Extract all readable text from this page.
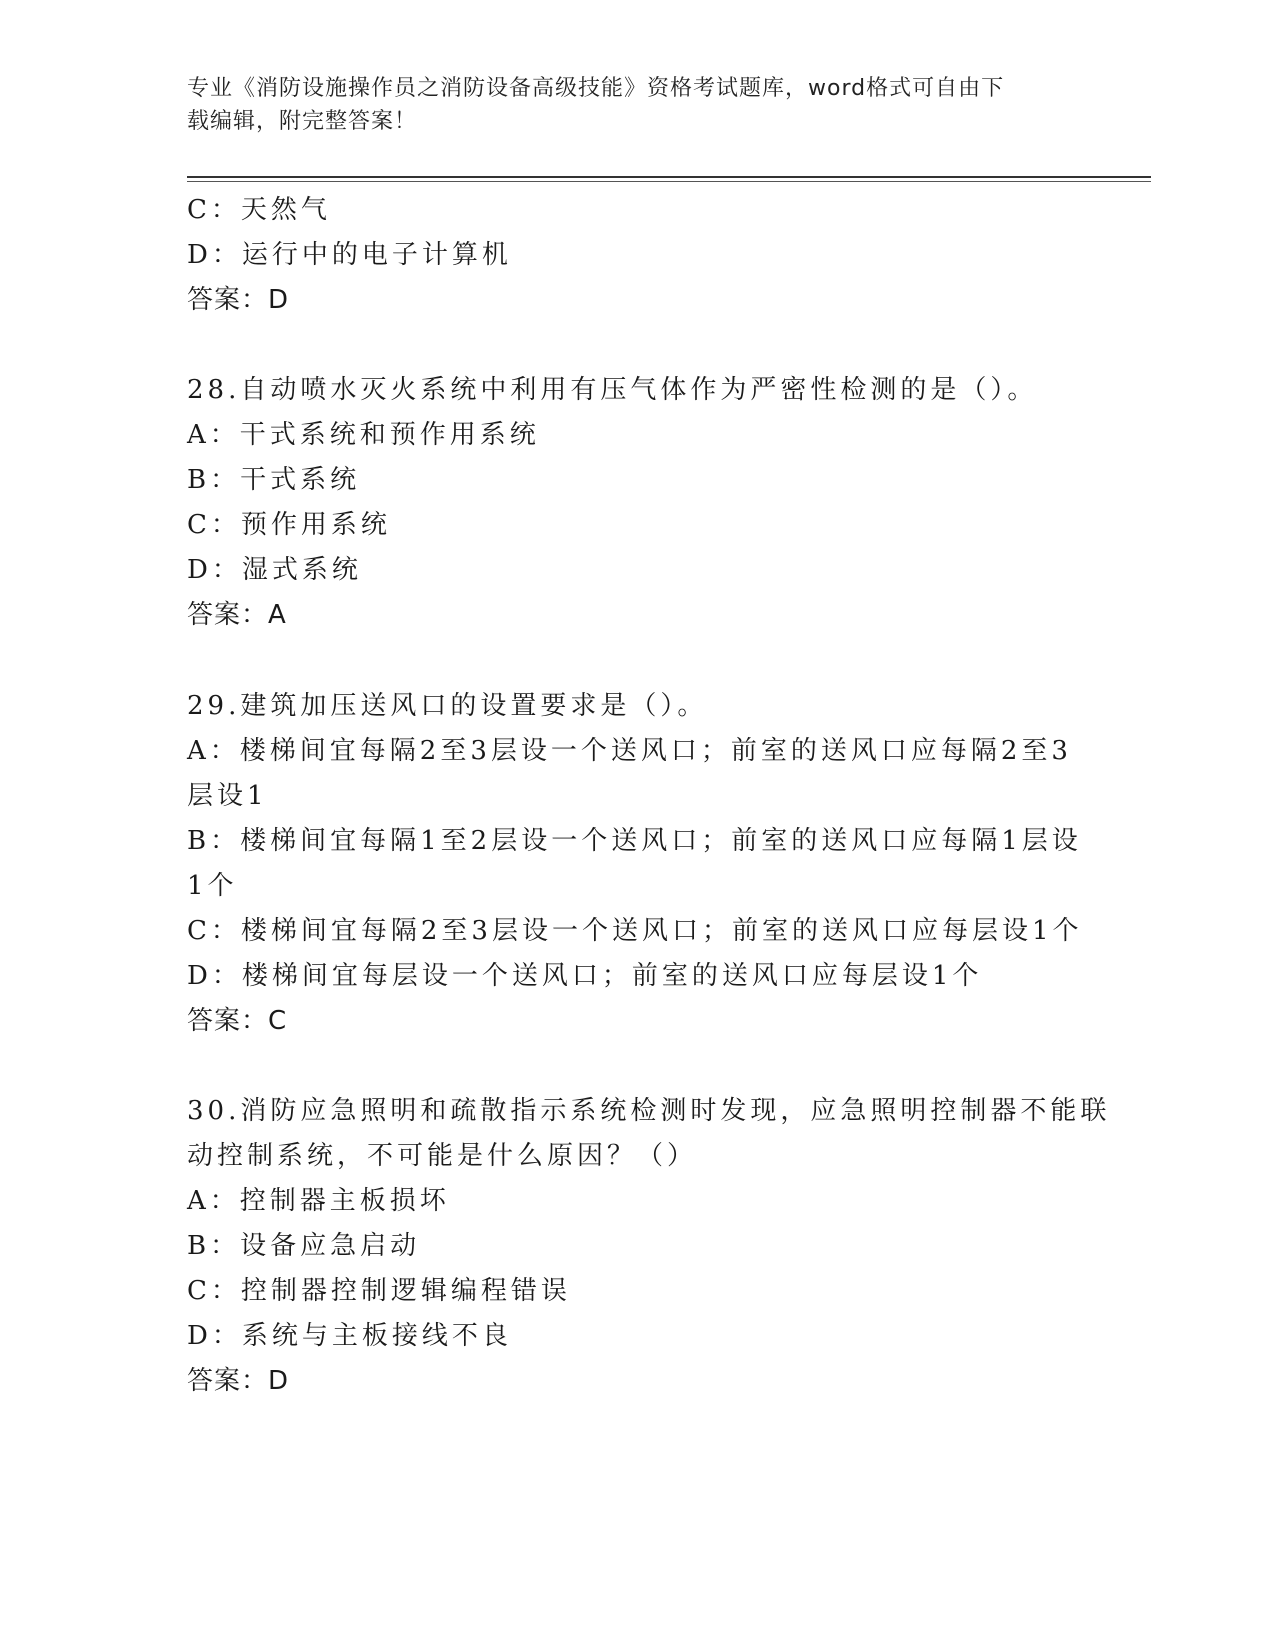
专业《消防设施操作员之消防设备高级技能》资格考试题库，word格式可自由下
载编辑，附完整答案！
C：天然气
D：运行中的电子计算机
答案：D
28.自动喷水灭火系统中利用有压气体作为严密性检测的是（）。
A：干式系统和预作用系统
B：干式系统
C：预作用系统
D：湿式系统
答案：A
29.建筑加压送风口的设置要求是（）。
A：楼梯间宜每隔2至3层设一个送风口；前室的送风口应每隔2至3
层设1
B：楼梯间宜每隔1至2层设一个送风口；前室的送风口应每隔1层设
1个
C：楼梯间宜每隔2至3层设一个送风口；前室的送风口应每层设1个
D：楼梯间宜每层设一个送风口；前室的送风口应每层设1个
答案：C
30.消防应急照明和疏散指示系统检测时发现，应急照明控制器不能联
动控制系统，不可能是什么原因？（）
A：控制器主板损坏
B：设备应急启动
C：控制器控制逻辑编程错误
D：系统与主板接线不良
答案：D
